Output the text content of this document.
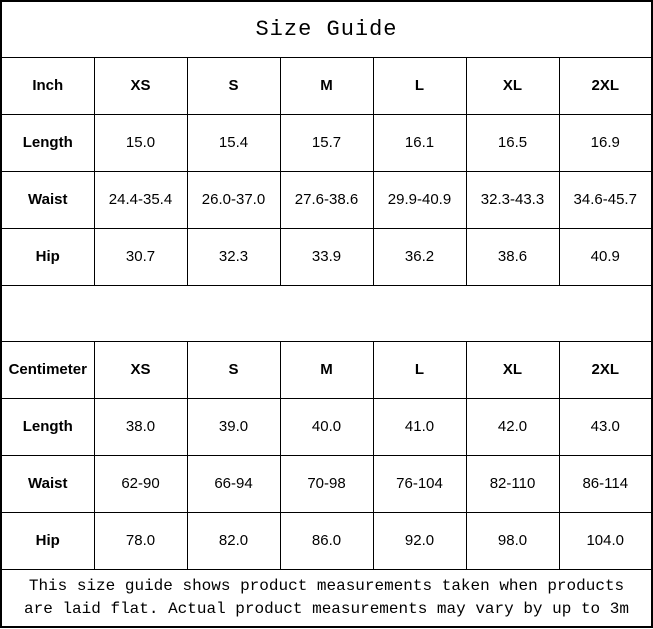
Size Guide						
Inch	XS	S	M	L	XL	2XL
Length	15.0	15.4	15.7	16.1	16.5	16.9
Waist	24.4-35.4	26.0-37.0	27.6-38.6	29.9-40.9	32.3-43.3	34.6-45.7
Hip	30.7	32.3	33.9	36.2	38.6	40.9

Centimeter	XS	S	M	L	XL	2XL
Length	38.0	39.0	40.0	41.0	42.0	43.0
Waist	62-90	66-94	70-98	76-104	82-110	86-114
Hip	78.0	82.0	86.0	92.0	98.0	104.0

This size guide shows product measurements taken when products
are laid flat. Actual product measurements may vary by up to 3m						
